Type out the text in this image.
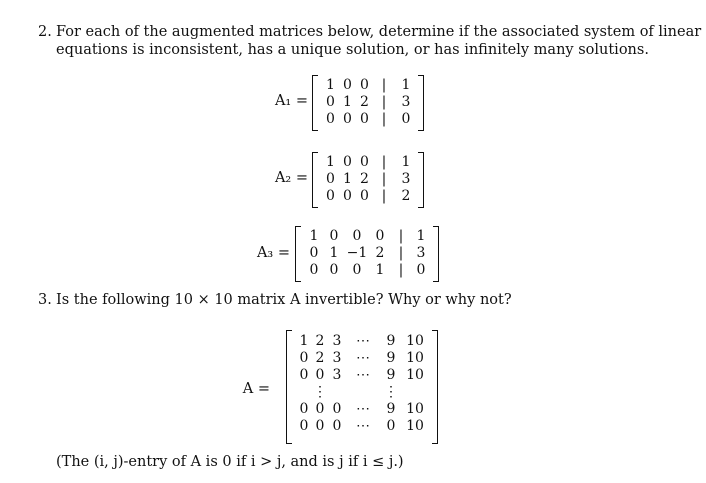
2. For each of the augmented matrices below, determine if the associated system of linear
equations is inconsistent, has a unique solution, or has infinitely many solutions.
A₁ =
1	0	0	|	1
0	1	2	|	3
0	0	0	|	0
A₂ =
1	0	0	|	1
0	1	2	|	3
0	0	0	|	2
A₃ =
1	0	0	0	|	1
0	1	−1	2	|	3
0	0	0	1	|	0
3. Is the following 10 × 10 matrix A invertible? Why or why not?
A =
1	2	3	⋯	9	10
0	2	3	⋯	9	10
0	0	3	⋯	9	10
	⋮			⋮	
0	0	0	⋯	9	10
0	0	0	⋯	0	10
(The (i, j)-entry of A is 0 if i > j, and is j if i ≤ j.)
